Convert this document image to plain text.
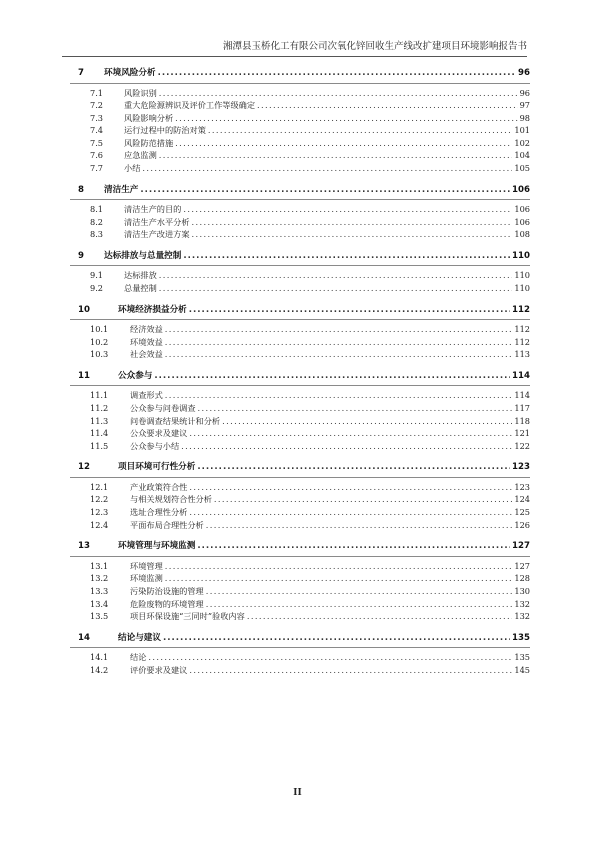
湘潭县玉桥化工有限公司次氧化锌回收生产线改扩建项目环境影响报告书
7	环境风险分析 .....	96
7.1	风险识别 .....	96
7.2	重大危险源辨识及评价工作等级确定 .....	97
7.3	风险影响分析 .....	98
7.4	运行过程中的防治对策 .....	101
7.5	风险防范措施 .....	102
7.6	应急监测 .....	104
7.7	小结 .....	105
8	清洁生产 .....	106
8.1	清洁生产的目的 .....	106
8.2	清洁生产水平分析 .....	106
8.3	清洁生产改进方案 .....	108
9	达标排放与总量控制 .....	110
9.1	达标排放 .....	110
9.2	总量控制 .....	110
10	环境经济损益分析 .....	112
10.1	经济效益 .....	112
10.2	环境效益 .....	112
10.3	社会效益 .....	113
11	公众参与 .....	114
11.1	调查形式 .....	114
11.2	公众参与问卷调查 .....	117
11.3	问卷调查结果统计和分析 .....	118
11.4	公众要求及建议 .....	121
11.5	公众参与小结 .....	122
12	项目环境可行性分析 .....	123
12.1	产业政策符合性 .....	123
12.2	与相关规划符合性分析 .....	124
12.3	选址合理性分析 .....	125
12.4	平面布局合理性分析 .....	126
13	环境管理与环境监测 .....	127
13.1	环境管理 .....	127
13.2	环境监测 .....	128
13.3	污染防治设施的管理 .....	130
13.4	危险废物的环境管理 .....	132
13.5	项目环保设施“三同时”验收内容 .....	132
14	结论与建议 .....	135
14.1	结论 .....	135
14.2	评价要求及建议 .....	145
II
